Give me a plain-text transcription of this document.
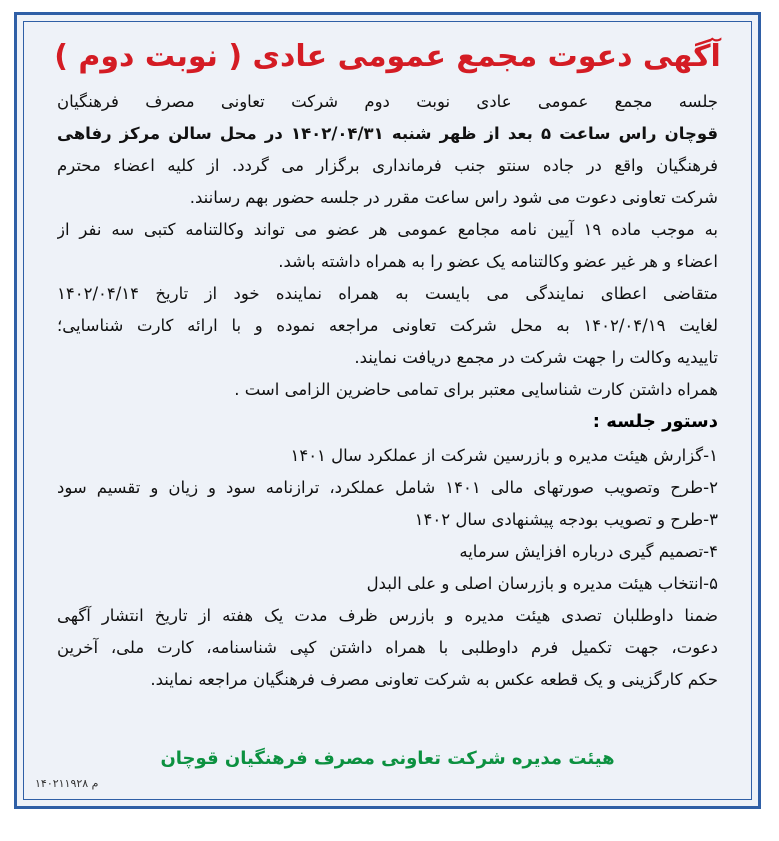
آگهی دعوت مجمع عمومی عادی ( نوبت دوم )
جلسه مجمع عمومی عادی نوبت دوم شرکت تعاونی مصرف فرهنگیان
قوچان راس ساعت ۵ بعد از ظهر شنبه ۱۴۰۲/۰۴/۳۱ در محل سالن مرکز رفاهی
فرهنگیان واقع در جاده سنتو جنب فرمانداری برگزار می گردد. از کلیه اعضاء محترم
شرکت تعاونی دعوت می شود راس ساعت مقرر در جلسه حضور بهم رسانند.
به موجب ماده ۱۹ آیین نامه مجامع عمومی هر عضو می تواند وکالتنامه کتبی سه نفر از
اعضاء و هر غیر عضو وکالتنامه یک عضو را به همراه داشته باشد.
متقاضی اعطای نمایندگی می بایست به همراه نماینده خود از تاریخ ۱۴۰۲/۰۴/۱۴
لغایت ۱۴۰۲/۰۴/۱۹ به محل شرکت تعاونی مراجعه نموده و با ارائه کارت شناسایی؛
تاییدیه وکالت را جهت شرکت در مجمع دریافت نمایند.
همراه داشتن کارت شناسایی معتبر برای تمامی حاضرین الزامی است .
دستور جلسه :
۱-گزارش هیئت مدیره و بازرسین شرکت از عملکرد سال ۱۴۰۱
۲-طرح وتصویب صورتهای مالی ۱۴۰۱ شامل عملکرد، ترازنامه سود و زیان و تقسیم سود
۳-طرح و تصویب بودجه پیشنهادی سال ۱۴۰۲
۴-تصمیم گیری درباره افزایش سرمایه
۵-انتخاب هیئت مدیره و بازرسان اصلی و علی البدل
ضمنا داوطلبان تصدی هیئت مدیره و بازرس ظرف مدت یک هفته از تاریخ انتشار آگهی
دعوت، جهت تکمیل فرم داوطلبی با همراه داشتن کپی شناسنامه، کارت ملی، آخرین
حکم کارگزینی و یک قطعه عکس به شرکت تعاونی مصرف فرهنگیان مراجعه نمایند.
هیئت مدیره شرکت تعاونی مصرف فرهنگیان قوچان
۱۴۰۲۱۱۹۲۸ م
